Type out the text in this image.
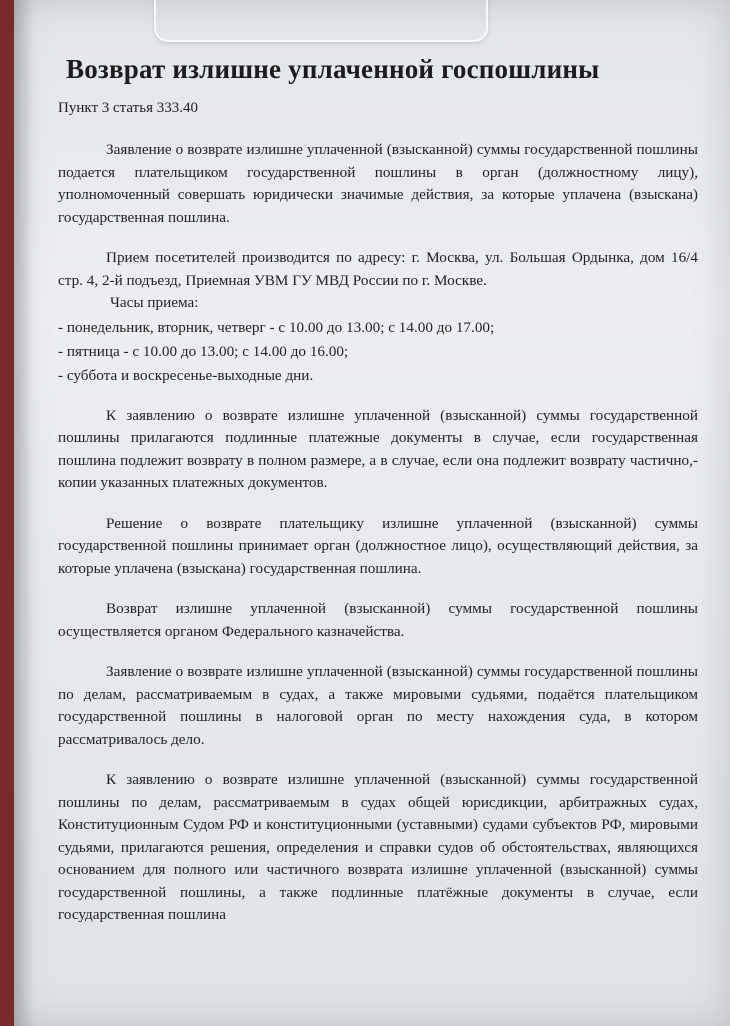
Возврат излишне уплаченной госпошлины
Пункт 3 статья 333.40

Заявление о возврате излишне уплаченной (взысканной) суммы государственной пошлины подается плательщиком государственной пошлины в орган (должностному лицу), уполномоченный совершать юридически значимые действия, за которые уплачена (взыскана) государственная пошлина.

Прием посетителей производится по адресу: г. Москва, ул. Большая Ордынка, дом 16/4 стр. 4, 2-й подъезд, Приемная УВМ ГУ МВД России по г. Москве.

Часы приема:
- понедельник, вторник, четверг - с 10.00 до 13.00; с 14.00 до 17.00;
- пятница - с 10.00 до 13.00; с 14.00 до 16.00;
- суббота и воскресенье-выходные дни.

К заявлению о возврате излишне уплаченной (взысканной) суммы государственной пошлины прилагаются подлинные платежные документы в случае, если государственная пошлина подлежит возврату в полном размере, а в случае, если она подлежит возврату частично,- копии указанных платежных документов.

Решение о возврате плательщику излишне уплаченной (взысканной) суммы государственной пошлины принимает орган (должностное лицо), осуществляющий действия, за которые уплачена (взыскана) государственная пошлина.

Возврат излишне уплаченной (взысканной) суммы государственной пошлины осуществляется органом Федерального казначейства.

Заявление о возврате излишне уплаченной (взысканной) суммы государственной пошлины по делам, рассматриваемым в судах, а также мировыми судьями, подаётся плательщиком государственной пошлины в налоговой орган по месту нахождения суда, в котором рассматривалось дело.

К заявлению о возврате излишне уплаченной (взысканной) суммы государственной пошлины по делам, рассматриваемым в судах общей юрисдикции, арбитражных судах, Конституционным Судом РФ и конституционными (уставными) судами субъектов РФ, мировыми судьями, прилагаются решения, определения и справки судов об обстоятельствах, являющихся основанием для полного или частичного возврата излишне уплаченной (взысканной) суммы государственной пошлины, а также подлинные платёжные документы в случае, если государственная пошлина
